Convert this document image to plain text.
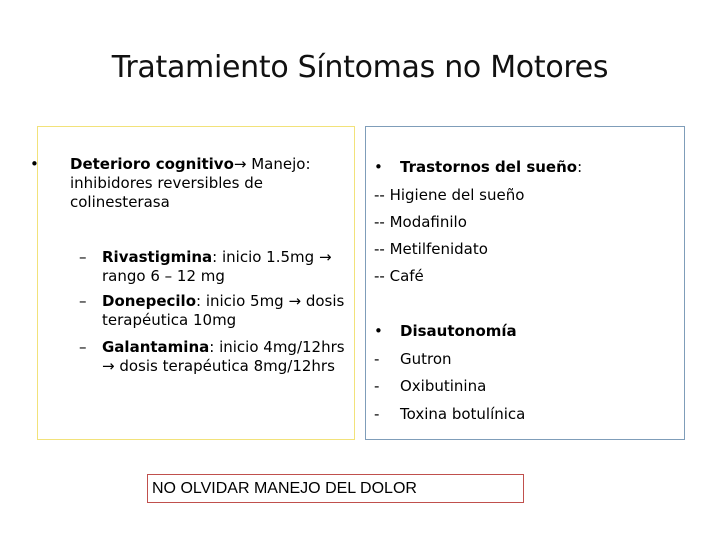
Tratamiento Síntomas no Motores
• Deterioro cognitivo→ Manejo: inhibidores reversibles de colinesterasa
– Rivastigmina: inicio 1.5mg → rango 6 – 12 mg
– Donepecilo: inicio 5mg → dosis terapéutica 10mg
– Galantamina: inicio 4mg/12hrs → dosis terapéutica 8mg/12hrs
• Trastornos del sueño:
-- Higiene del sueño
-- Modafinilo
-- Metilfenidato
-- Café
• Disautonomía
- Gutron
- Oxibutinina
- Toxina botulínica
NO OLVIDAR MANEJO DEL DOLOR
